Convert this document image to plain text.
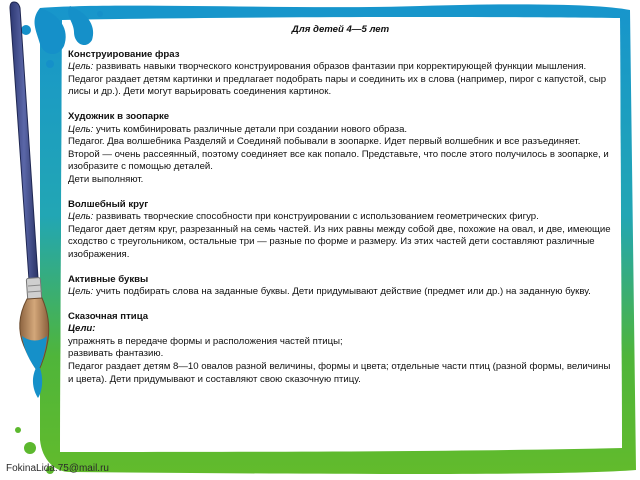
Для детей 4—5 лет
Конструирование фраз
Цель: развивать навыки творческого конструирования образов фантазии при корректирующей функции мышления.
Педагог раздает детям картинки и предлагает подобрать пары и соединить их в слова (например, пирог с капустой, сыр лисы и др.). Дети могут варьировать соединения картинок.
Художник в зоопарке
Цель: учить комбинировать различные детали при создании нового образа.
Педагог. Два волшебника Разделяй и Соединяй побывали в зоопарке. Идет первый волшебник и все разъединяет. Второй — очень рассеянный, поэтому соединяет все как попало. Представьте, что после этого получилось в зоопарке, и изобразите с помощью деталей.
Дети выполняют.
Волшебный круг
Цель: развивать творческие способности при конструировании с использованием геометрических фигур.
Педагог дает детям круг, разрезанный на семь частей. Из них равны между собой две, похожие на овал, и две, имеющие сходство с треугольником, остальные три — разные по форме и размеру. Из этих частей дети составляют различные изображения.
Активные буквы
Цель: учить подбирать слова на заданные буквы. Дети придумывают действие (предмет или др.) на заданную букву.
Сказочная птица
Цели:
упражнять в передаче формы и расположения частей птицы;
развивать фантазию.
Педагог раздает детям 8—10 овалов разной величины, формы и цвета; отдельные части птиц (разной формы, величины и цвета). Дети придумывают и составляют свою сказочную птицу.
FokinaLida.75@mail.ru
